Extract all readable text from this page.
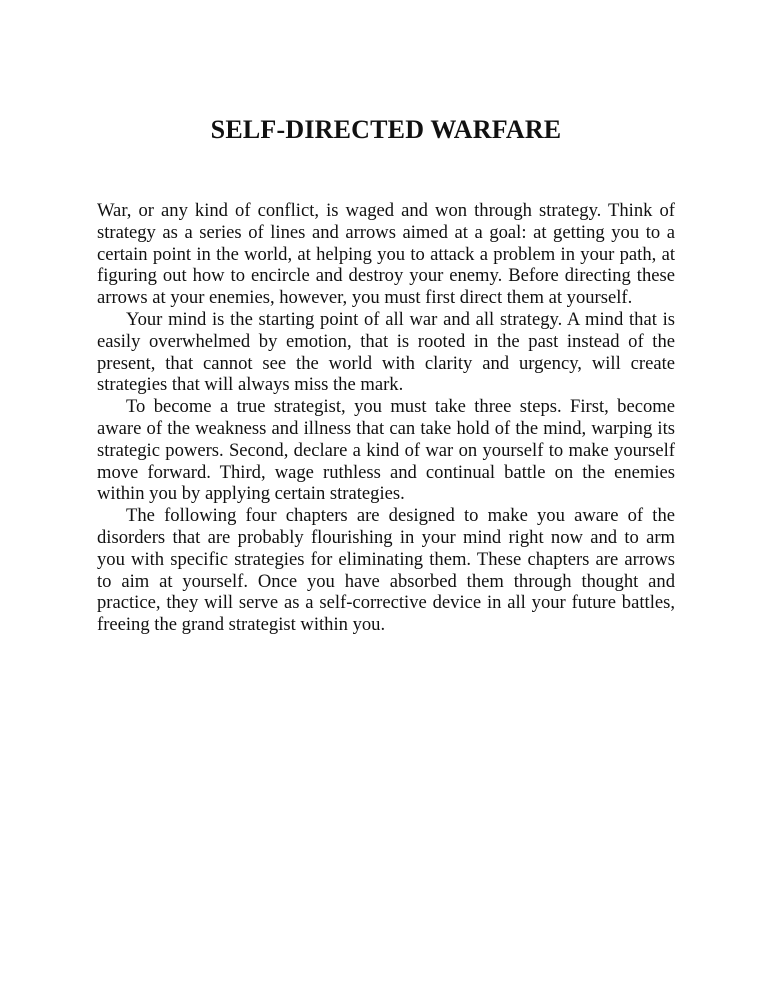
SELF-DIRECTED WARFARE

War, or any kind of conflict, is waged and won through strategy. Think of strategy as a series of lines and arrows aimed at a goal: at getting you to a certain point in the world, at helping you to attack a problem in your path, at figuring out how to encircle and destroy your enemy. Before directing these arrows at your enemies, however, you must first direct them at yourself.

Your mind is the starting point of all war and all strategy. A mind that is easily overwhelmed by emotion, that is rooted in the past instead of the present, that cannot see the world with clarity and urgency, will create strategies that will always miss the mark.

To become a true strategist, you must take three steps. First, become aware of the weakness and illness that can take hold of the mind, warping its strategic powers. Second, declare a kind of war on yourself to make yourself move forward. Third, wage ruthless and continual battle on the enemies within you by applying certain strategies.

The following four chapters are designed to make you aware of the disorders that are probably flourishing in your mind right now and to arm you with specific strategies for eliminating them. These chapters are arrows to aim at yourself. Once you have absorbed them through thought and practice, they will serve as a self-corrective device in all your future battles, freeing the grand strategist within you.
